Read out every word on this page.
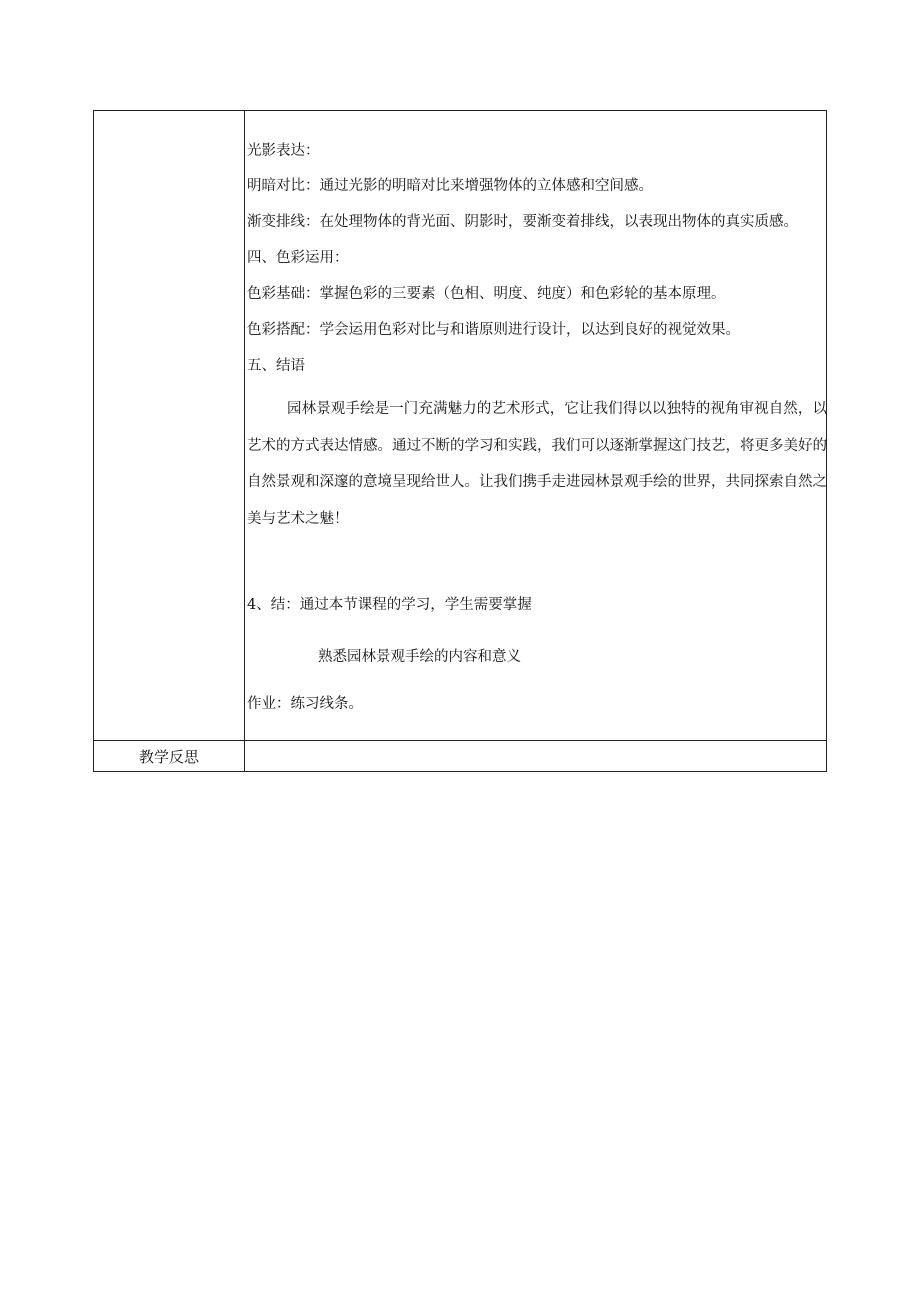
光影表达：
明暗对比：通过光影的明暗对比来增强物体的立体感和空间感。
渐变排线：在处理物体的背光面、阴影时，要渐变着排线，以表现出物体的真实质感。
四、色彩运用：
色彩基础：掌握色彩的三要素（色相、明度、纯度）和色彩轮的基本原理。
色彩搭配：学会运用色彩对比与和谐原则进行设计，以达到良好的视觉效果。
五、结语
园林景观手绘是一门充满魅力的艺术形式，它让我们得以以独特的视角审视自然，以艺术的方式表达情感。通过不断的学习和实践，我们可以逐渐掌握这门技艺，将更多美好的自然景观和深邃的意境呈现给世人。让我们携手走进园林景观手绘的世界，共同探索自然之美与艺术之魅！
4、结：通过本节课程的学习，学生需要掌握
熟悉园林景观手绘的内容和意义
作业：练习线条。
教学反思
